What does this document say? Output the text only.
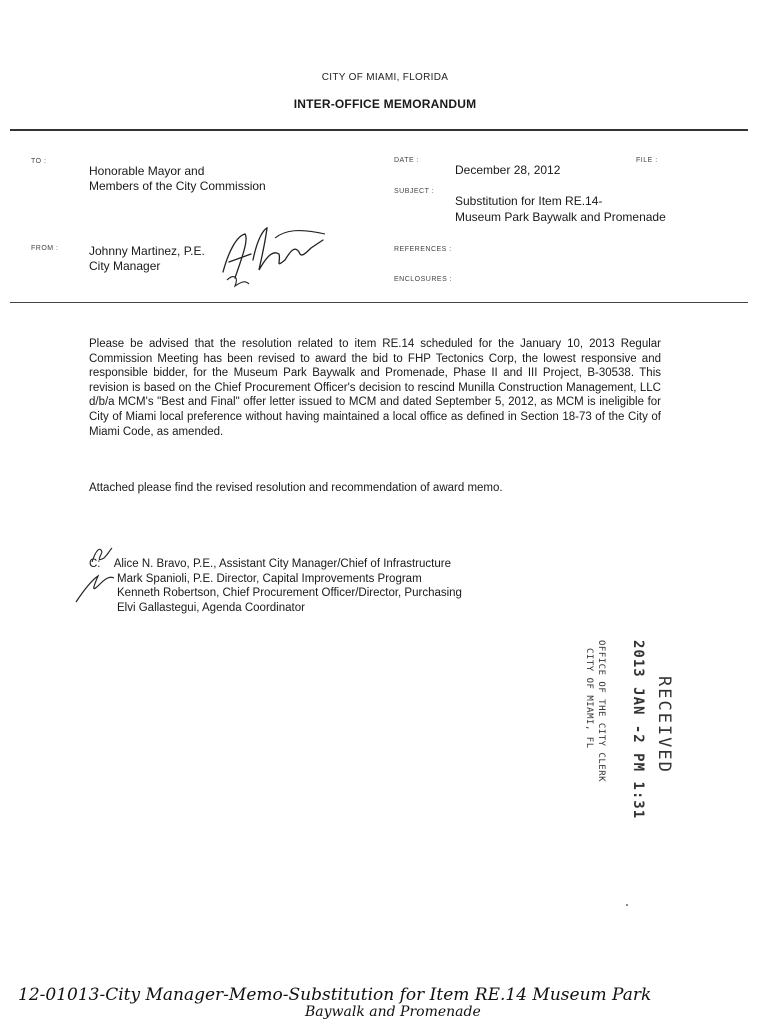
CITY OF MIAMI, FLORIDA
INTER-OFFICE MEMORANDUM
TO :
Honorable Mayor and
Members of the City Commission
DATE :
December 28, 2012
FILE :
SUBJECT :
Substitution for Item RE.14-
Museum Park Baywalk and Promenade
FROM :	Johnny Martinez, P.E.
City Manager
REFERENCES :
ENCLOSURES :
Please be advised that the resolution related to item RE.14 scheduled for the January 10, 2013 Regular Commission Meeting has been revised to award the bid to FHP Tectonics Corp, the lowest responsive and responsible bidder, for the Museum Park Baywalk and Promenade, Phase II and III Project, B-30538. This revision is based on the Chief Procurement Officer's decision to rescind Munilla Construction Management, LLC d/b/a MCM's "Best and Final" offer letter issued to MCM and dated September 5, 2012, as MCM is ineligible for City of Miami local preference without having maintained a local office as defined in Section 18-73 of the City of Miami Code, as amended.
Attached please find the revised resolution and recommendation of award memo.
C: Alice N. Bravo, P.E., Assistant City Manager/Chief of Infrastructure
Mark Spanioli, P.E. Director, Capital Improvements Program
Kenneth Robertson, Chief Procurement Officer/Director, Purchasing
Elvi Gallastegui, Agenda Coordinator
RECEIVED
2013 JAN -2 PM 1:31
OFFICE OF THE CITY CLERK
CITY OF MIAMI, FL
12-01013-City Manager-Memo-Substitution for Item RE.14 Museum Park
Baywalk and Promenade
